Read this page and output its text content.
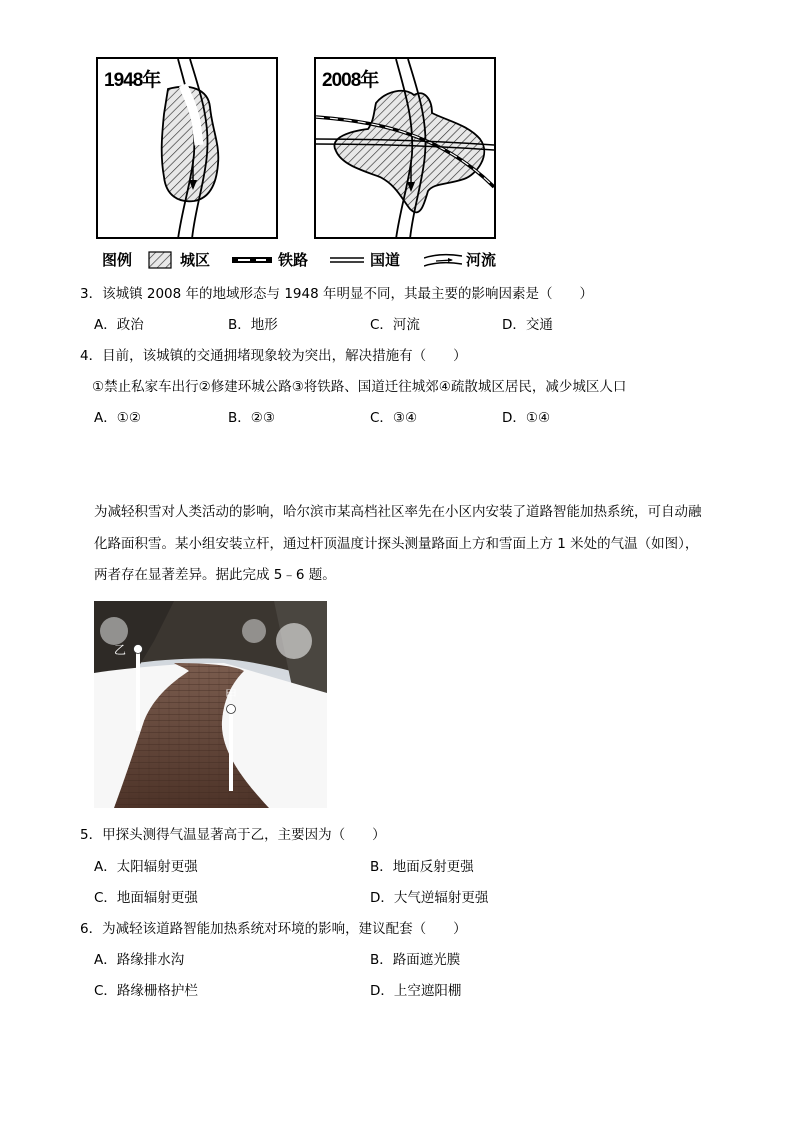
1948年	2008年
图例	城区	铁路	国道	河流
3．该城镇 2008 年的地域形态与 1948 年明显不同，其最主要的影响因素是（　　）
A．政治	B．地形	C．河流	D．交通
4．目前，该城镇的交通拥堵现象较为突出，解决措施有（　　）
①禁止私家车出行②修建环城公路③将铁路、国道迁往城郊④疏散城区居民，减少城区人口
A．①②	B．②③	C．③④	D．①④
为减轻积雪对人类活动的影响，哈尔滨市某高档社区率先在小区内安装了道路智能加热系统，可自动融
化路面积雪。某小组安装立杆，通过杆顶温度计探头测量路面上方和雪面上方 1 米处的气温（如图），
两者存在显著差异。据此完成 5﹣6 题。
乙
甲
5．甲探头测得气温显著高于乙，主要因为（　　）
A．太阳辐射更强	B．地面反射更强
C．地面辐射更强	D．大气逆辐射更强
6．为减轻该道路智能加热系统对环境的影响，建议配套（　　）
A．路缘排水沟	B．路面遮光膜
C．路缘栅格护栏	D．上空遮阳棚
